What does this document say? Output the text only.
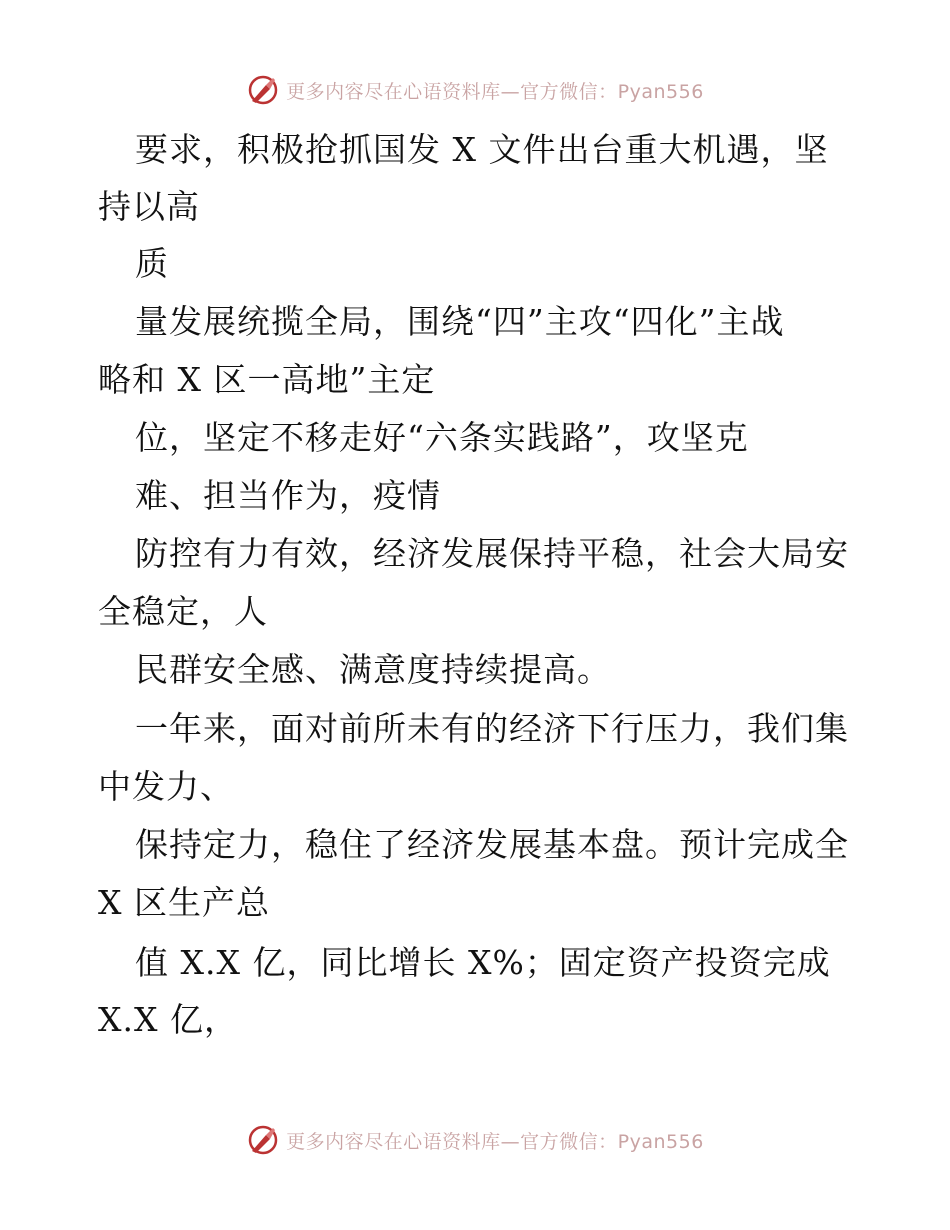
更多内容尽在心语资料库—官方微信：Pyan556
要求，积极抢抓国发 X 文件出台重大机遇，坚
持以高
质
量发展统揽全局，围绕“四”主攻“四化”主战
略和 X 区一高地”主定
位，坚定不移走好“六条实践路”，攻坚克
难、担当作为，疫情
防控有力有效，经济发展保持平稳，社会大局安
全稳定，人
民群安全感、满意度持续提高。
一年来，面对前所未有的经济下行压力，我们集
中发力、
保持定力，稳住了经济发展基本盘。预计完成全
X 区生产总
值 X.X 亿，同比增长 X%；固定资产投资完成
X.X 亿，
更多内容尽在心语资料库—官方微信：Pyan556
